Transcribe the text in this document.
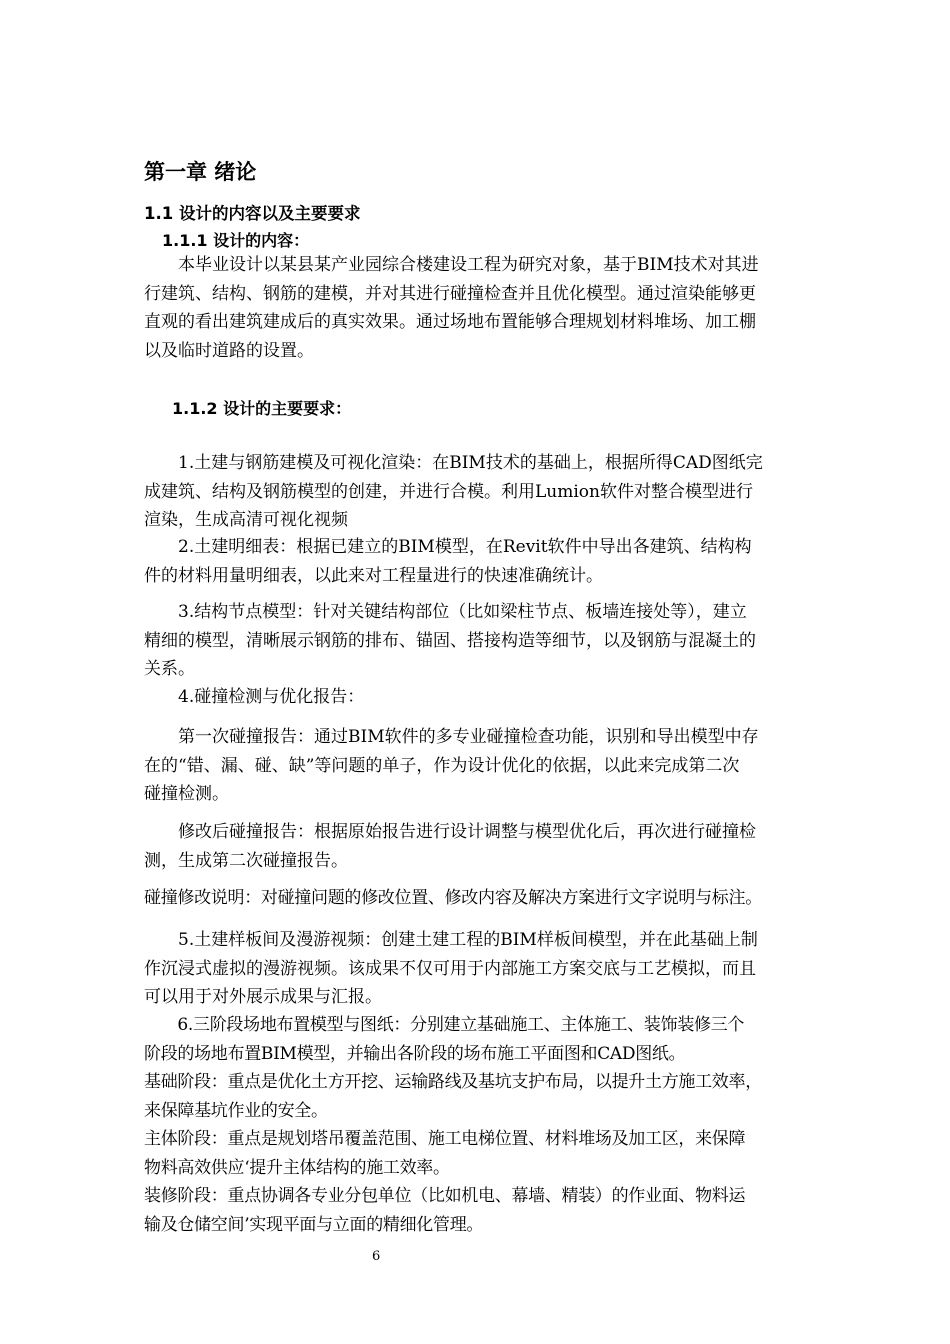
第一章 绪论
1.1 设计的内容以及主要要求
1.1.1 设计的内容：
　　本毕业设计以某县某产业园综合楼建设工程为研究对象，基于BIM技术对其进
行建筑、结构、钢筋的建模，并对其进行碰撞检查并且优化模型。通过渲染能够更
直观的看出建筑建成后的真实效果。通过场地布置能够合理规划材料堆场、加工棚
以及临时道路的设置。
1.1.2 设计的主要要求：
　　1.土建与钢筋建模及可视化渲染：在BIM技术的基础上，根据所得CAD图纸完
成建筑、结构及钢筋模型的创建，并进行合模。利用Lumion软件对整合模型进行
渲染，生成高清可视化视频
　　2.土建明细表：根据已建立的BIM模型，在Revit软件中导出各建筑、结构构
件的材料用量明细表，以此来对工程量进行的快速准确统计。
　　3.结构节点模型：针对关键结构部位（比如梁柱节点、板墙连接处等），建立
精细的模型，清晰展示钢筋的排布、锚固、搭接构造等细节，以及钢筋与混凝土的
关系。
　　4.碰撞检测与优化报告：
　　第一次碰撞报告：通过BIM软件的多专业碰撞检查功能，识别和导出模型中存
在的“错、漏、碰、缺”等问题的单子，作为设计优化的依据，以此来完成第二次
碰撞检测。
　　修改后碰撞报告：根据原始报告进行设计调整与模型优化后，再次进行碰撞检
测，生成第二次碰撞报告。
碰撞修改说明：对碰撞问题的修改位置、修改内容及解决方案进行文字说明与标注。
　　5.土建样板间及漫游视频：创建土建工程的BIM样板间模型，并在此基础上制
作沉浸式虚拟的漫游视频。该成果不仅可用于内部施工方案交底与工艺模拟，而且
可以用于对外展示成果与汇报。
　　6.三阶段场地布置模型与图纸：分别建立基础施工、主体施工、装饰装修三个
阶段的场地布置BIM模型，并输出各阶段的场布施工平面图和CAD图纸。
基础阶段：重点是优化土方开挖、运输路线及基坑支护布局，以提升土方施工效率，
来保障基坑作业的安全。
主体阶段：重点是规划塔吊覆盖范围、施工电梯位置、材料堆场及加工区，来保障
物料高效供应‘提升主体结构的施工效率。
装修阶段：重点协调各专业分包单位（比如机电、幕墙、精装）的作业面、物料运
输及仓储空间’实现平面与立面的精细化管理。
6
